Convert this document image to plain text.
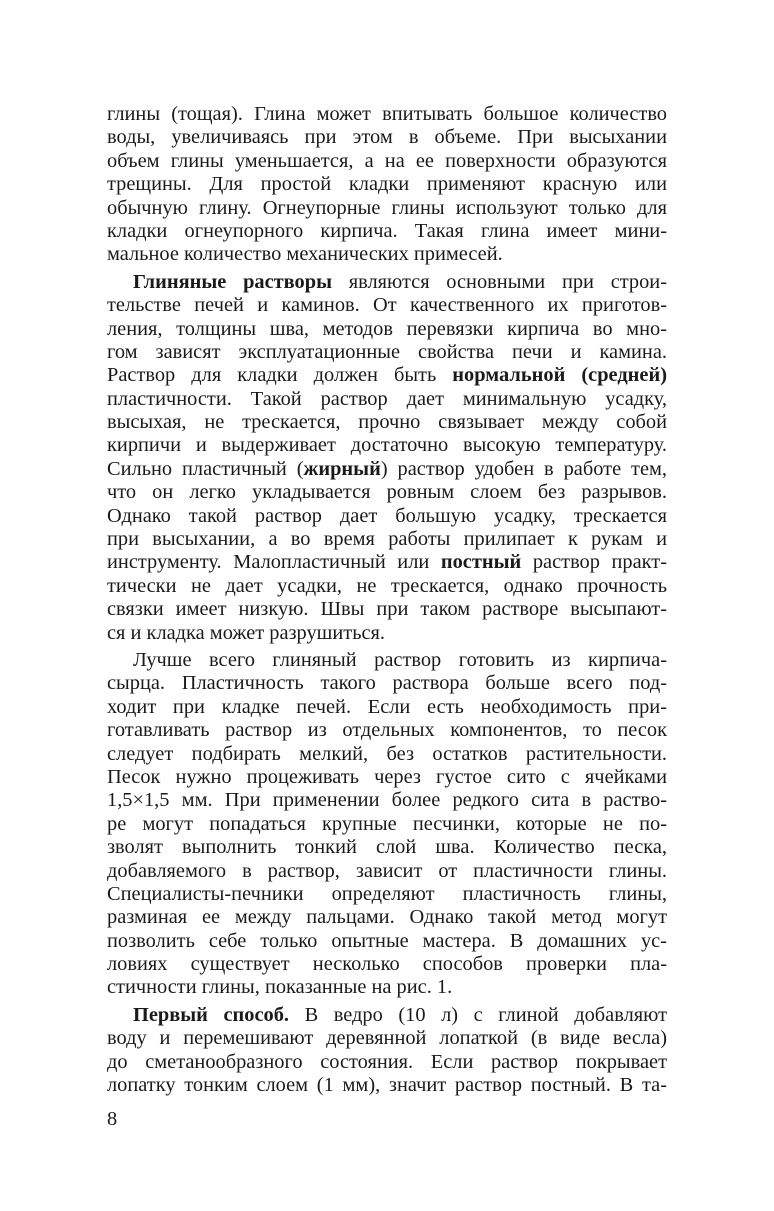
глины (тощая). Глина может впитывать большое количество
воды, увеличиваясь при этом в объеме. При высыхании
объем глины уменьшается, а на ее поверхности образуются
трещины. Для простой кладки применяют красную или
обычную глину. Огнеупорные глины используют только для
кладки огнеупорного кирпича. Такая глина имеет мини-
мальное количество механических примесей.

Глиняные растворы являются основными при строи-
тельстве печей и каминов. От качественного их приготов-
ления, толщины шва, методов перевязки кирпича во мно-
гом зависят эксплуатационные свойства печи и камина.
Раствор для кладки должен быть нормальной (средней)
пластичности. Такой раствор дает минимальную усадку,
высыхая, не трескается, прочно связывает между собой
кирпичи и выдерживает достаточно высокую температуру.
Сильно пластичный (жирный) раствор удобен в работе тем,
что он легко укладывается ровным слоем без разрывов.
Однако такой раствор дает большую усадку, трескается
при высыхании, а во время работы прилипает к рукам и
инструменту. Малопластичный или постный раствор практ-
тически не дает усадки, не трескается, однако прочность
связки имеет низкую. Швы при таком растворе высыпают-
ся и кладка может разрушиться.

Лучше всего глиняный раствор готовить из кирпича-
сырца. Пластичность такого раствора больше всего под-
ходит при кладке печей. Если есть необходимость при-
готавливать раствор из отдельных компонентов, то песок
следует подбирать мелкий, без остатков растительности.
Песок нужно процеживать через густое сито с ячейками
1,5×1,5 мм. При применении более редкого сита в раство-
ре могут попадаться крупные песчинки, которые не по-
зволят выполнить тонкий слой шва. Количество песка,
добавляемого в раствор, зависит от пластичности глины.
Специалисты-печники определяют пластичность глины,
разминая ее между пальцами. Однако такой метод могут
позволить себе только опытные мастера. В домашних ус-
ловиях существует несколько способов проверки пла-
стичности глины, показанные на рис. 1.

Первый способ. В ведро (10 л) с глиной добавляют
воду и перемешивают деревянной лопаткой (в виде весла)
до сметанообразного состояния. Если раствор покрывает
лопатку тонким слоем (1 мм), значит раствор постный. В та-

8
